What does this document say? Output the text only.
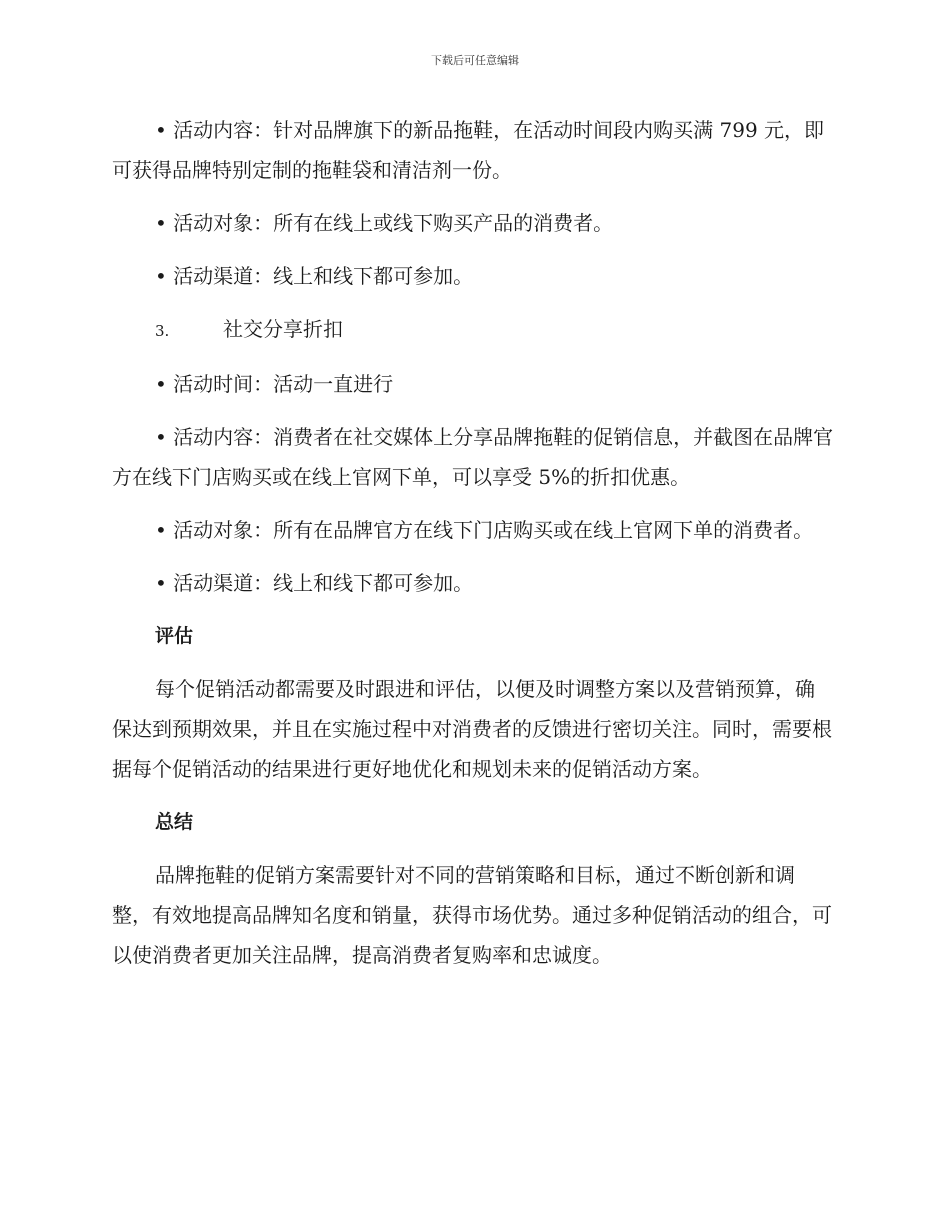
下载后可任意编辑

• 活动内容：针对品牌旗下的新品拖鞋，在活动时间段内购买满 799 元，即可获得品牌特别定制的拖鞋袋和清洁剂一份。

• 活动对象：所有在线上或线下购买产品的消费者。

• 活动渠道：线上和线下都可参加。

3.	社交分享折扣

• 活动时间：活动一直进行

• 活动内容：消费者在社交媒体上分享品牌拖鞋的促销信息，并截图在品牌官方在线下门店购买或在线上官网下单，可以享受 5%的折扣优惠。

• 活动对象：所有在品牌官方在线下门店购买或在线上官网下单的消费者。

• 活动渠道：线上和线下都可参加。

评估

每个促销活动都需要及时跟进和评估，以便及时调整方案以及营销预算，确保达到预期效果，并且在实施过程中对消费者的反馈进行密切关注。同时，需要根据每个促销活动的结果进行更好地优化和规划未来的促销活动方案。

总结

品牌拖鞋的促销方案需要针对不同的营销策略和目标，通过不断创新和调整，有效地提高品牌知名度和销量，获得市场优势。通过多种促销活动的组合，可以使消费者更加关注品牌，提高消费者复购率和忠诚度。
